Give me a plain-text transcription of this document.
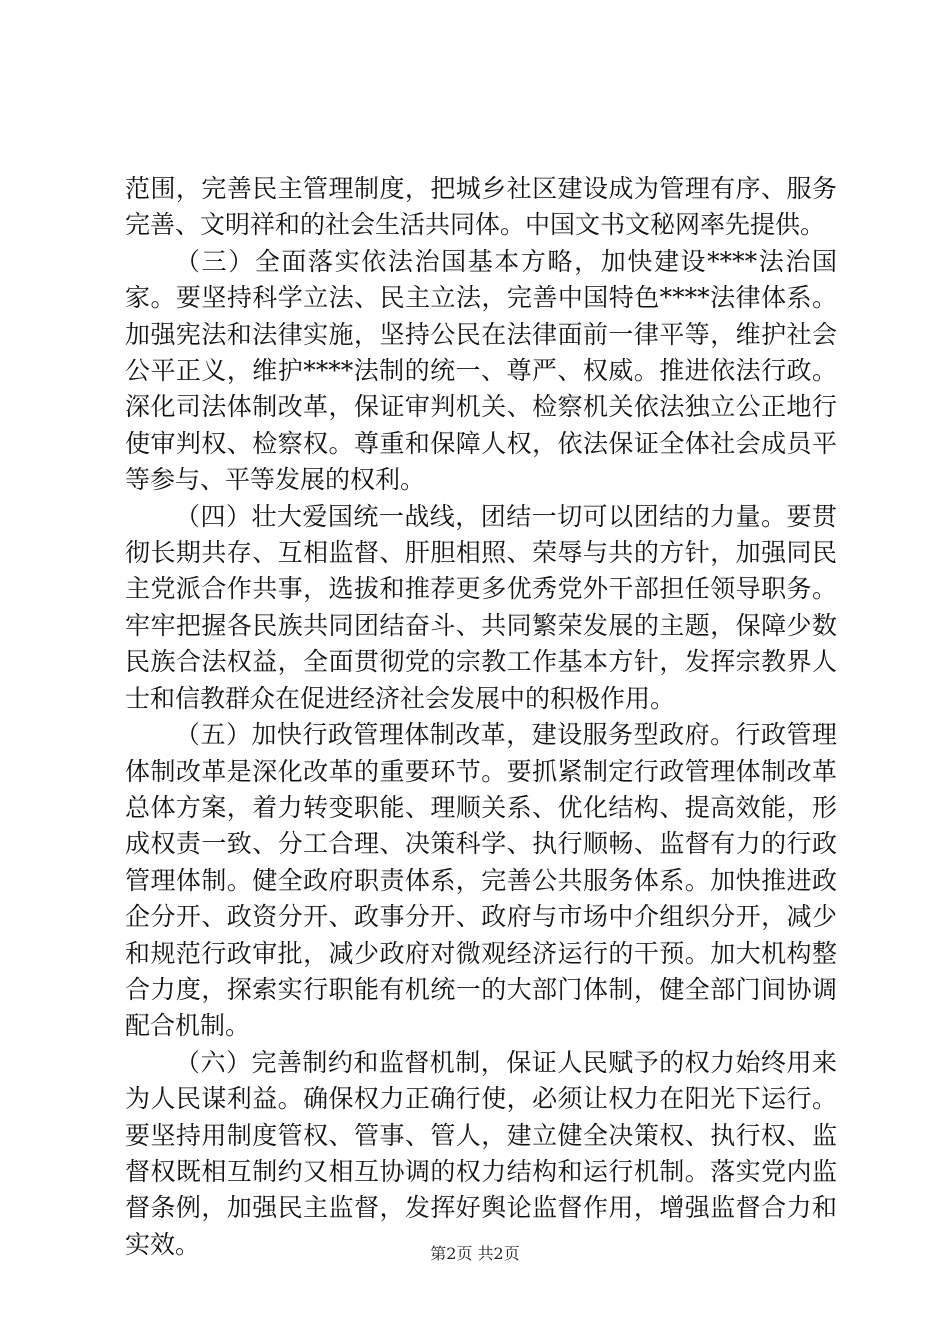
范围，完善民主管理制度，把城乡社区建设成为管理有序、服务完善、文明祥和的社会生活共同体。中国文书文秘网率先提供。

（三）全面落实依法治国基本方略，加快建设****法治国家。要坚持科学立法、民主立法，完善中国特色****法律体系。加强宪法和法律实施，坚持公民在法律面前一律平等，维护社会公平正义，维护****法制的统一、尊严、权威。推进依法行政。深化司法体制改革，保证审判机关、检察机关依法独立公正地行使审判权、检察权。尊重和保障人权，依法保证全体社会成员平等参与、平等发展的权利。

（四）壮大爱国统一战线，团结一切可以团结的力量。要贯彻长期共存、互相监督、肝胆相照、荣辱与共的方针，加强同民主党派合作共事，选拔和推荐更多优秀党外干部担任领导职务。牢牢把握各民族共同团结奋斗、共同繁荣发展的主题，保障少数民族合法权益，全面贯彻党的宗教工作基本方针，发挥宗教界人士和信教群众在促进经济社会发展中的积极作用。

（五）加快行政管理体制改革，建设服务型政府。行政管理体制改革是深化改革的重要环节。要抓紧制定行政管理体制改革总体方案，着力转变职能、理顺关系、优化结构、提高效能，形成权责一致、分工合理、决策科学、执行顺畅、监督有力的行政管理体制。健全政府职责体系，完善公共服务体系。加快推进政企分开、政资分开、政事分开、政府与市场中介组织分开，减少和规范行政审批，减少政府对微观经济运行的干预。加大机构整合力度，探索实行职能有机统一的大部门体制，健全部门间协调配合机制。

（六）完善制约和监督机制，保证人民赋予的权力始终用来为人民谋利益。确保权力正确行使，必须让权力在阳光下运行。要坚持用制度管权、管事、管人，建立健全决策权、执行权、监督权既相互制约又相互协调的权力结构和运行机制。落实党内监督条例，加强民主监督，发挥好舆论监督作用，增强监督合力和实效。	第2页 共2页
